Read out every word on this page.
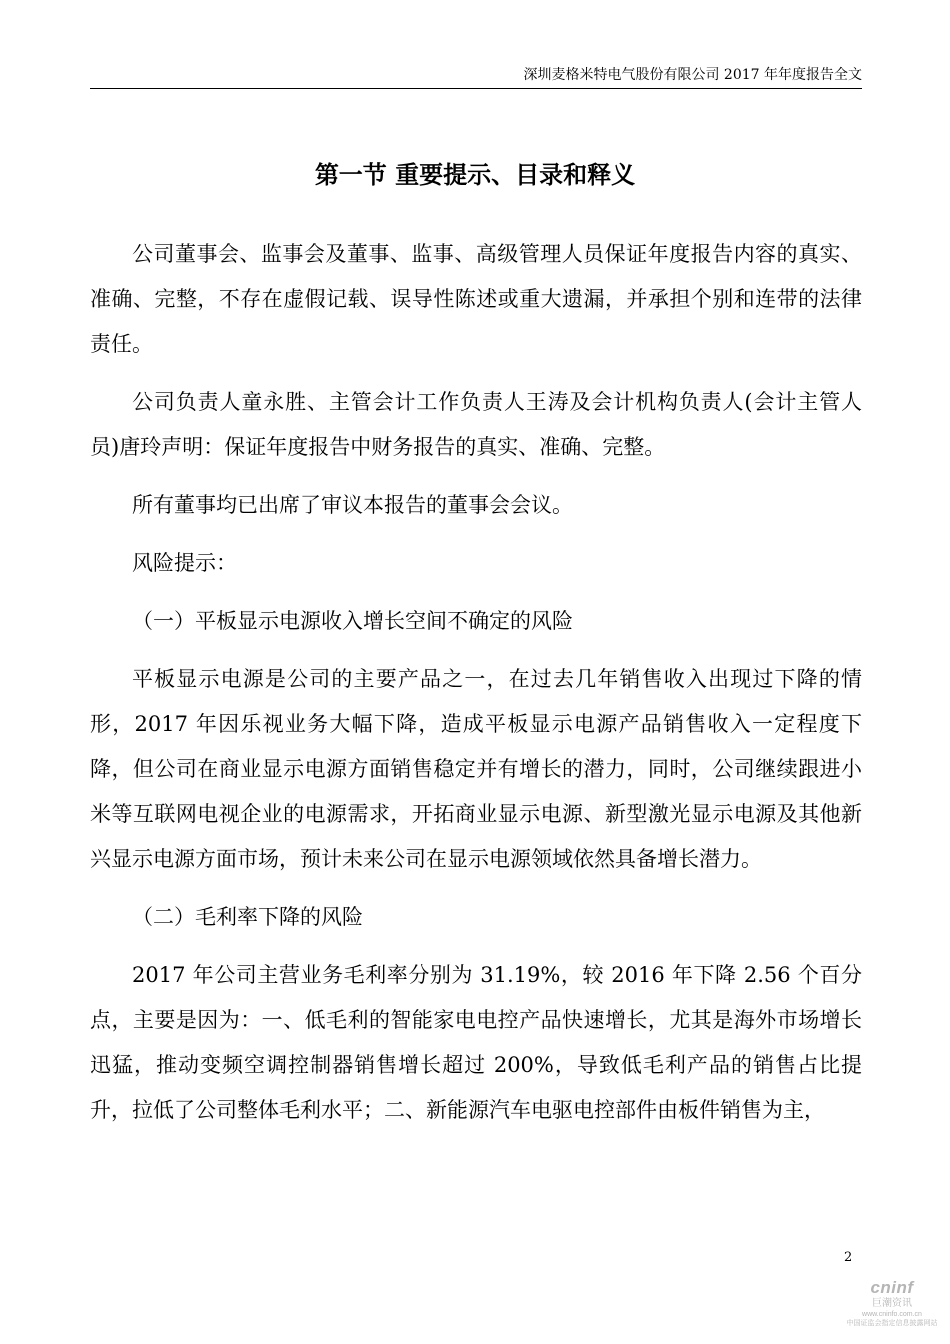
深圳麦格米特电气股份有限公司 2017 年年度报告全文
第一节 重要提示、目录和释义

公司董事会、监事会及董事、监事、高级管理人员保证年度报告内容的真实、准确、完整，不存在虚假记载、误导性陈述或重大遗漏，并承担个别和连带的法律责任。

公司负责人童永胜、主管会计工作负责人王涛及会计机构负责人(会计主管人员)唐玲声明：保证年度报告中财务报告的真实、准确、完整。

所有董事均已出席了审议本报告的董事会会议。

风险提示：

（一）平板显示电源收入增长空间不确定的风险

平板显示电源是公司的主要产品之一，在过去几年销售收入出现过下降的情形，2017 年因乐视业务大幅下降，造成平板显示电源产品销售收入一定程度下降，但公司在商业显示电源方面销售稳定并有增长的潜力，同时，公司继续跟进小米等互联网电视企业的电源需求，开拓商业显示电源、新型激光显示电源及其他新兴显示电源方面市场，预计未来公司在显示电源领域依然具备增长潜力。

（二）毛利率下降的风险

2017 年公司主营业务毛利率分别为 31.19%，较 2016 年下降 2.56 个百分点，主要是因为：一、低毛利的智能家电电控产品快速增长，尤其是海外市场增长迅猛，推动变频空调控制器销售增长超过 200%，导致低毛利产品的销售占比提升，拉低了公司整体毛利水平；二、新能源汽车电驱电控部件由板件销售为主，

2
cninf
巨潮资讯
www.cninfo.com.cn
中国证监会指定信息披露网站
